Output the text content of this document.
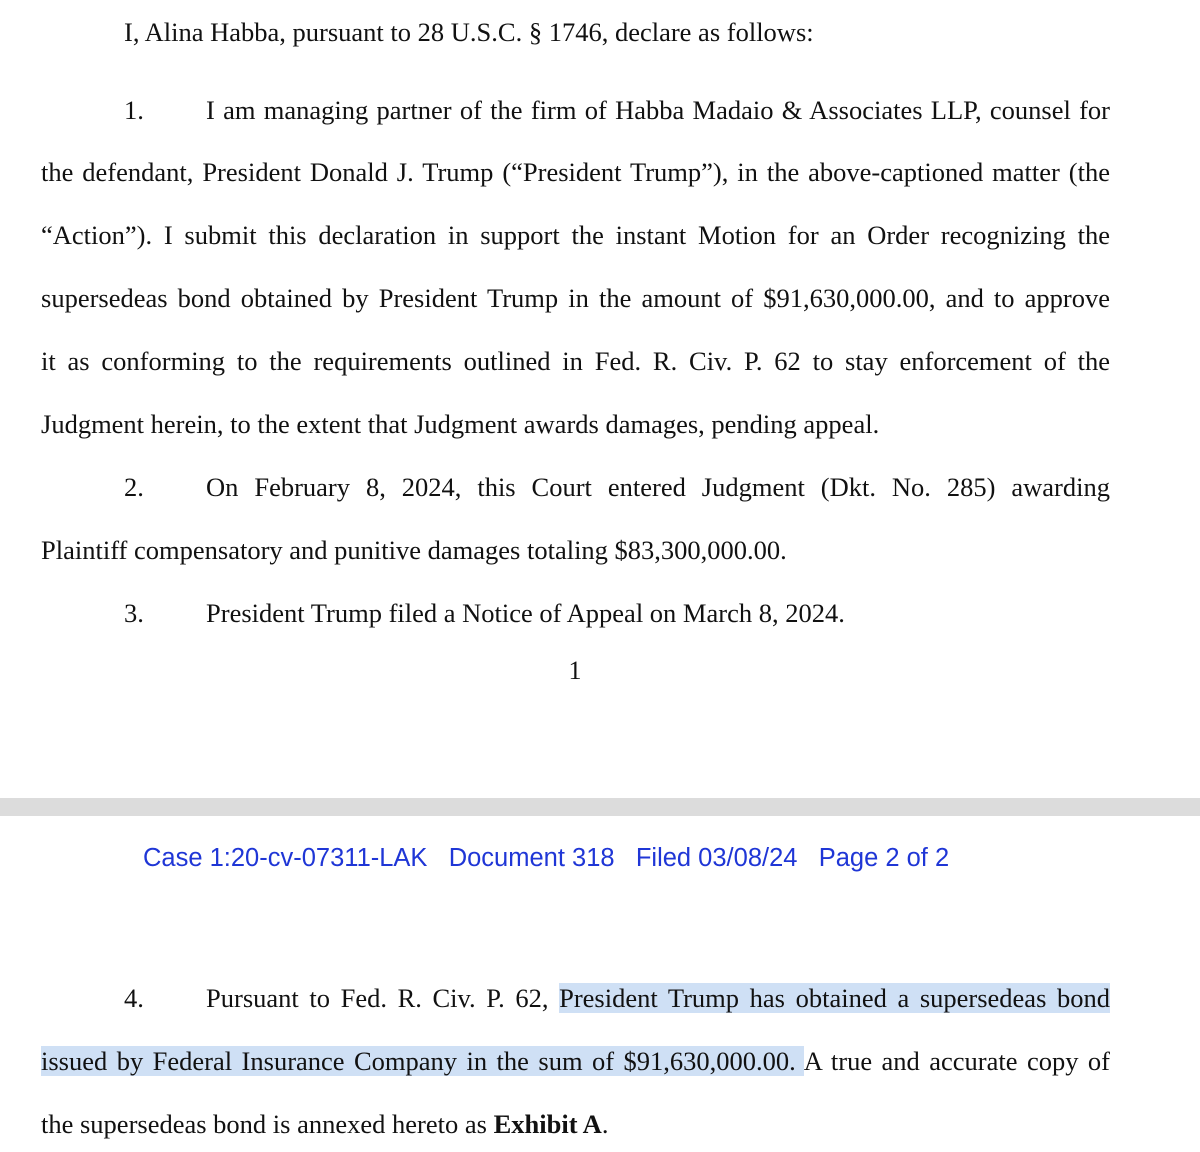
I, Alina Habba, pursuant to 28 U.S.C. § 1746, declare as follows:
1. I am managing partner of the firm of Habba Madaio & Associates LLP, counsel for
the defendant, President Donald J. Trump (“President Trump”), in the above-captioned matter (the
“Action”). I submit this declaration in support the instant Motion for an Order recognizing the
supersedeas bond obtained by President Trump in the amount of $91,630,000.00, and to approve
it as conforming to the requirements outlined in Fed. R. Civ. P. 62 to stay enforcement of the
Judgment herein, to the extent that Judgment awards damages, pending appeal.
2. On February 8, 2024, this Court entered Judgment (Dkt. No. 285) awarding
Plaintiff compensatory and punitive damages totaling $83,300,000.00.
3. President Trump filed a Notice of Appeal on March 8, 2024.
1
Case 1:20-cv-07311-LAK Document 318 Filed 03/08/24 Page 2 of 2
4. Pursuant to Fed. R. Civ. P. 62, President Trump has obtained a supersedeas bond
issued by Federal Insurance Company in the sum of $91,630,000.00. A true and accurate copy of
the supersedeas bond is annexed hereto as Exhibit A.
